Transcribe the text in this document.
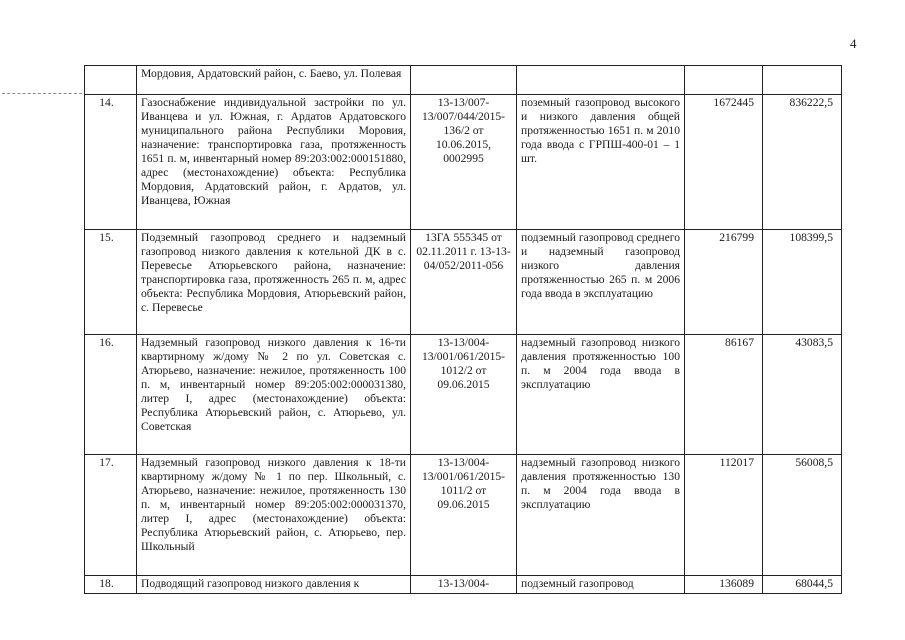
4
	Мордовия, Ардатовский район, с. Баево, ул. Полевая				
14.	Газоснабжение индивидуальной застройки по ул. Иванцева и ул. Южная, г. Ардатов Ардатовского муниципального района Республики Моровия, назначение: транспортировка газа, протяженность 1651 п. м, инвентарный номер 89:203:002:000151880, адрес (местонахождение) объекта: Республика Мордовия, Ардатовский район, г. Ардатов, ул. Иванцева, Южная	13-13/007-13/007/044/2015-136/2 от 10.06.2015, 0002995	поземный газопровод высокого и низкого давления общей протяженностью 1651 п. м 2010 года ввода с ГРПШ-400-01 – 1 шт.	1672445	836222,5
15.	Подземный газопровод среднего и надземный газопровод низкого давления к котельной ДК в с. Перевесье Атюрьевского района, назначение: транспортировка газа, протяженность 265 п. м, адрес объекта: Республика Мордовия, Атюрьевский район, с. Перевесье	13ГА 555345 от 02.11.2011 г. 13-13-04/052/2011-056	подземный газопровод среднего и надземный газопровод низкого давления протяженностью 265 п. м 2006 года ввода в эксплуатацию	216799	108399,5
16.	Надземный газопровод низкого давления к 16-ти квартирному ж/дому № 2 по ул. Советская с. Атюрьево, назначение: нежилое, протяженность 100 п. м, инвентарный номер 89:205:002:000031380, литер I, адрес (местонахождение) объекта: Республика Атюрьевский район, с. Атюрьево, ул. Советская	13-13/004-13/001/061/2015-1012/2 от 09.06.2015	надземный газопровод низкого давления протяженностью 100 п. м 2004 года ввода в эксплуатацию	86167	43083,5
17.	Надземный газопровод низкого давления к 18-ти квартирному ж/дому № 1 по пер. Школьный, с. Атюрьево, назначение: нежилое, протяженность 130 п. м, инвентарный номер 89:205:002:000031370, литер I, адрес (местонахождение) объекта: Республика Атюрьевский район, с. Атюрьево, пер. Школьный	13-13/004-13/001/061/2015-1011/2 от 09.06.2015	надземный газопровод низкого давления протяженностью 130 п. м 2004 года ввода в эксплуатацию	112017	56008,5
18.	Подводящий газопровод низкого давления к	13-13/004-	подземный газопровод	136089	68044,5
